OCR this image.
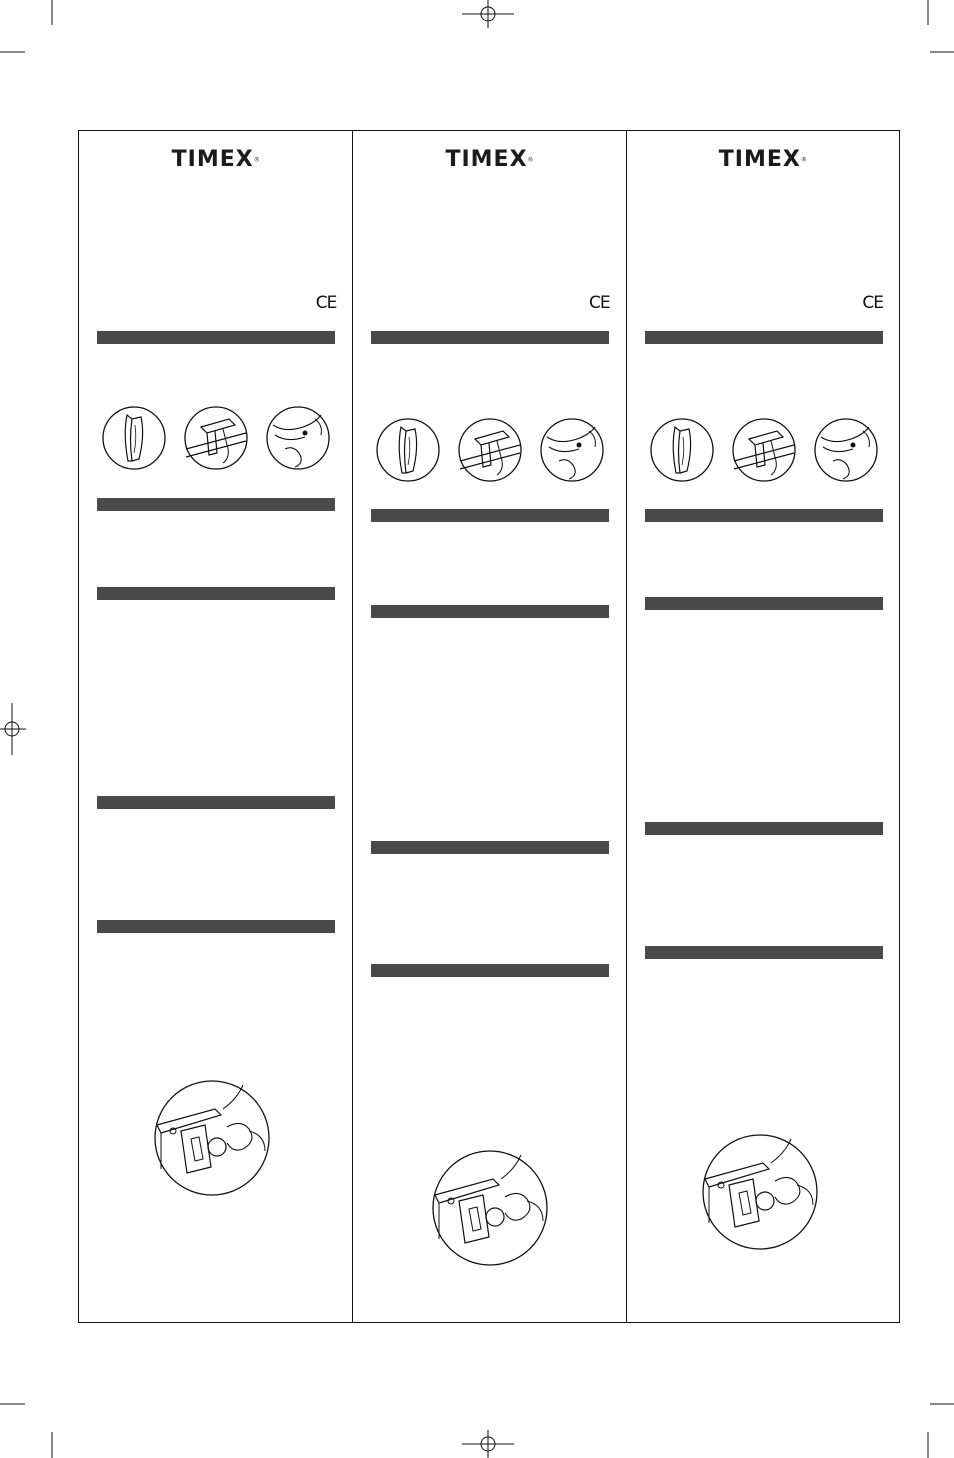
TIMEX®
CE
TIMEX®
CE
TIMEX®
CE
